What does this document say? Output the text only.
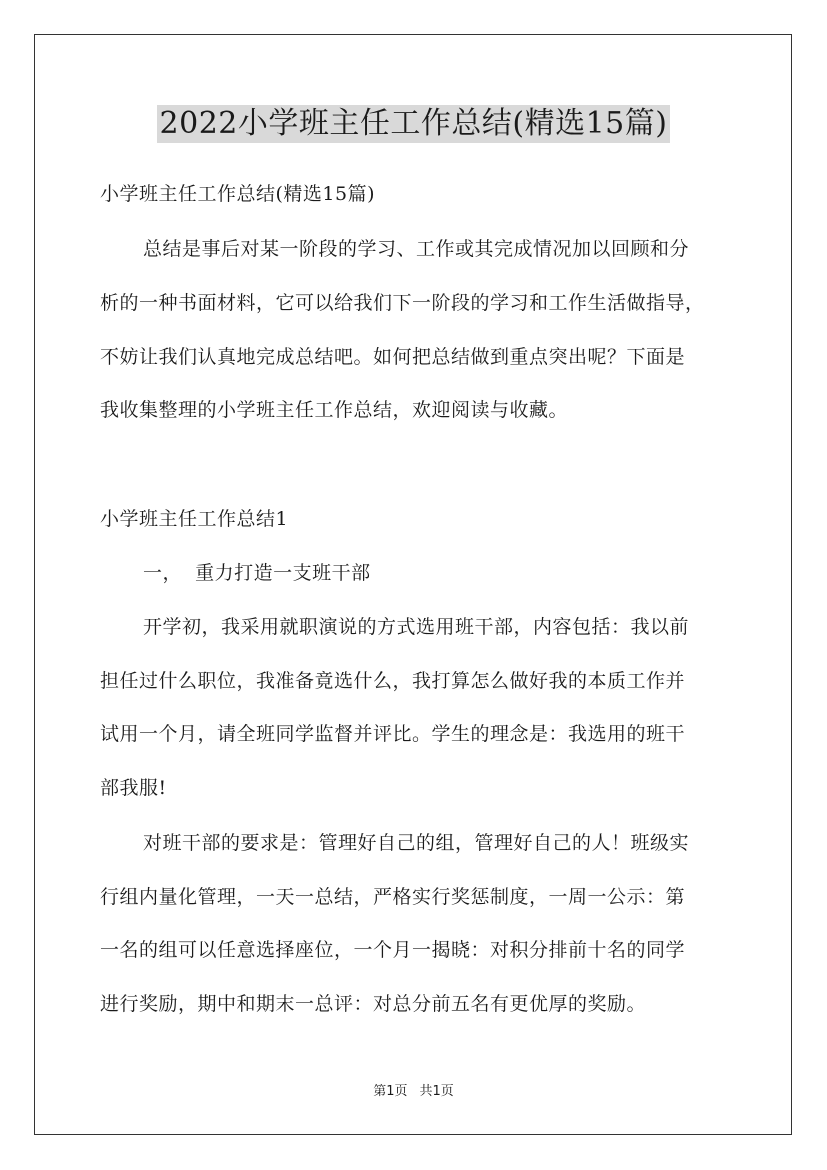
2022小学班主任工作总结(精选15篇)

小学班主任工作总结(精选15篇)

总结是事后对某一阶段的学习、工作或其完成情况加以回顾和分

析的一种书面材料，它可以给我们下一阶段的学习和工作生活做指导，

不妨让我们认真地完成总结吧。如何把总结做到重点突出呢？下面是

我收集整理的小学班主任工作总结，欢迎阅读与收藏。

小学班主任工作总结1

一，  重力打造一支班干部

开学初，我采用就职演说的方式选用班干部，内容包括：我以前

担任过什么职位，我准备竟选什么，我打算怎么做好我的本质工作并

试用一个月，请全班同学监督并评比。学生的理念是：我选用的班干

部我服!

对班干部的要求是：管理好自己的组，管理好自己的人！班级实

行组内量化管理，一天一总结，严格实行奖惩制度，一周一公示：第

一名的组可以任意选择座位，一个月一揭晓：对积分排前十名的同学

进行奖励，期中和期末一总评：对总分前五名有更优厚的奖励。

第1页 共1页
